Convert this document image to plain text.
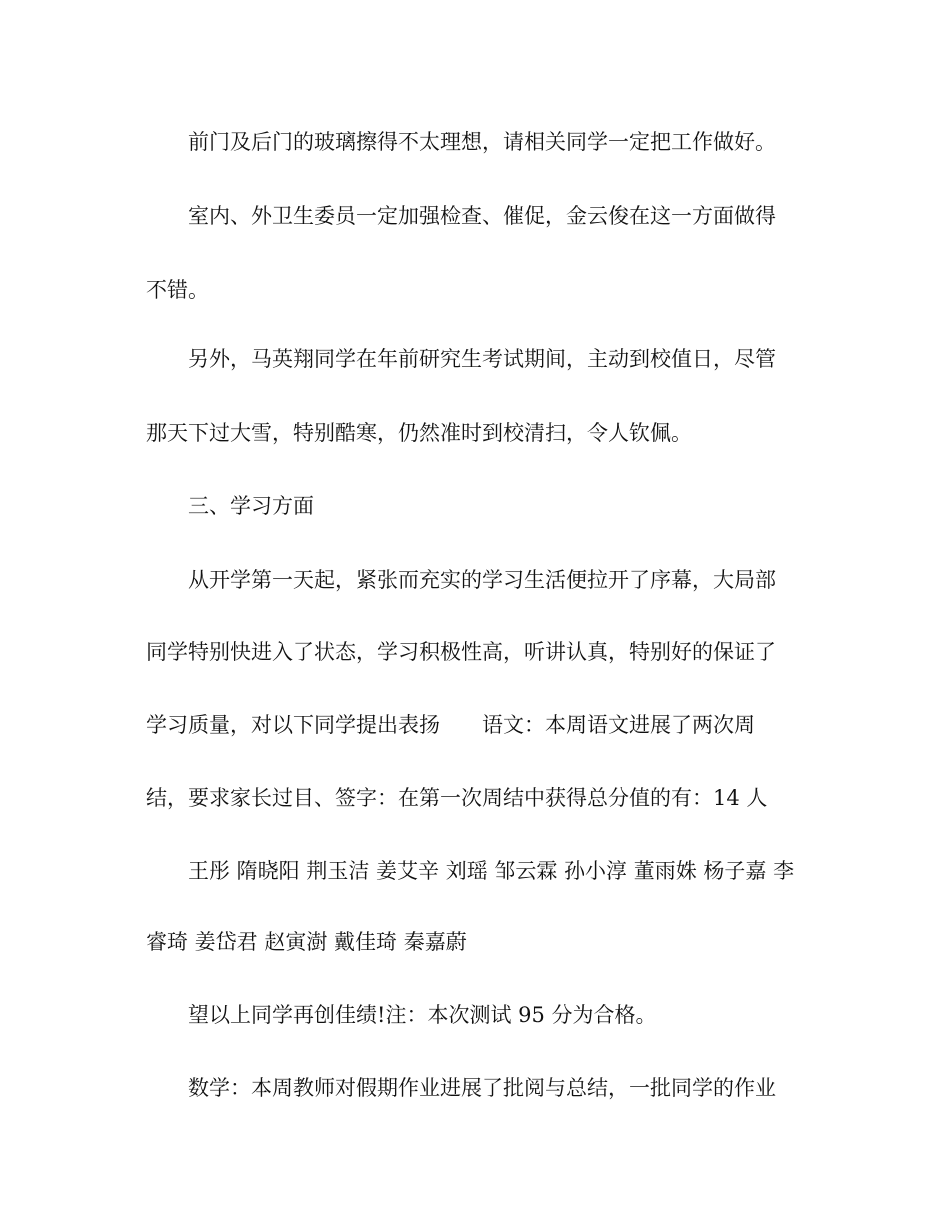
前门及后门的玻璃擦得不太理想，请相关同学一定把工作做好。
室内、外卫生委员一定加强检查、催促，金云俊在这一方面做得
不错。
另外，马英翔同学在年前研究生考试期间，主动到校值日，尽管
那天下过大雪，特别酷寒，仍然准时到校清扫，令人钦佩。
三、学习方面
从开学第一天起，紧张而充实的学习生活便拉开了序幕，大局部
同学特别快进入了状态，学习积极性高，听讲认真，特别好的保证了
学习质量，对以下同学提出表扬　　语文：本周语文进展了两次周
结，要求家长过目、签字：在第一次周结中获得总分值的有：14 人
王彤 隋晓阳 荆玉洁 姜艾辛 刘瑶 邹云霖 孙小淳 董雨姝 杨子嘉 李
睿琦 姜岱君 赵寅澍 戴佳琦 秦嘉蔚
望以上同学再创佳绩!注：本次测试 95 分为合格。
数学：本周教师对假期作业进展了批阅与总结，一批同学的作业
